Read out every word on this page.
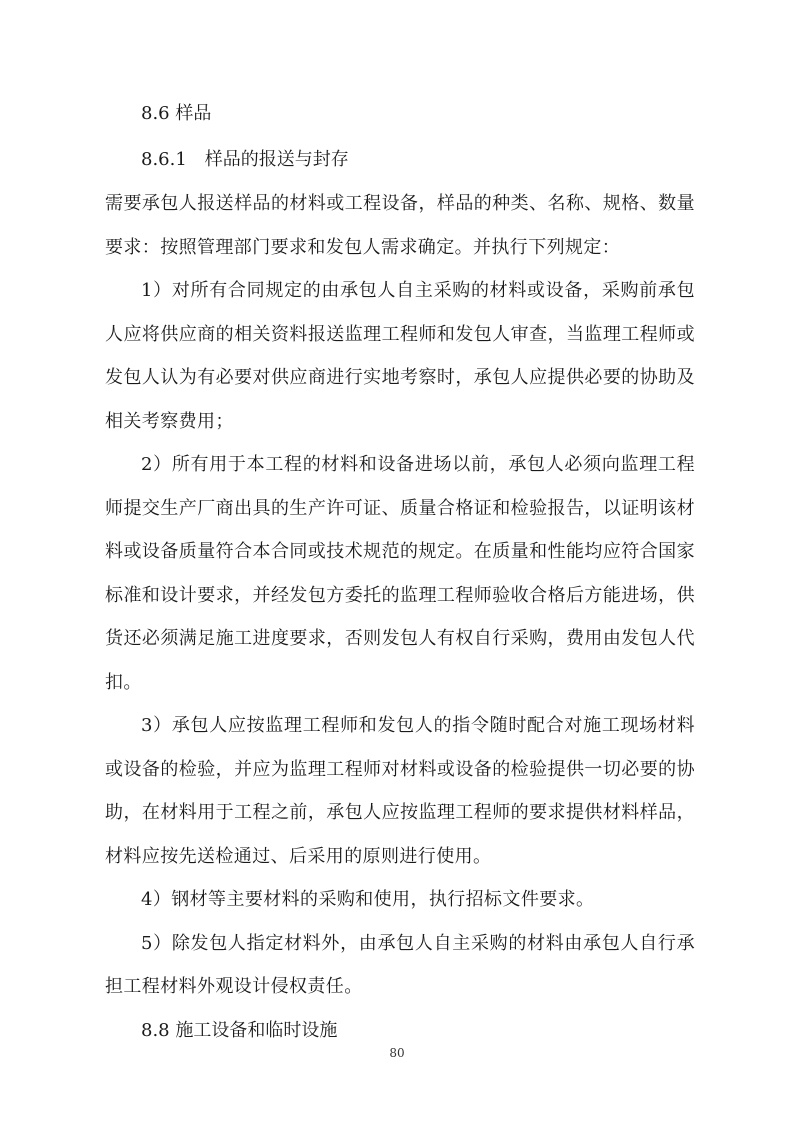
8.6 样品
8.6.1　样品的报送与封存

需要承包人报送样品的材料或工程设备，样品的种类、名称、规格、数量要求：按照管理部门要求和发包人需求确定。并执行下列规定：

1）对所有合同规定的由承包人自主采购的材料或设备，采购前承包人应将供应商的相关资料报送监理工程师和发包人审查，当监理工程师或发包人认为有必要对供应商进行实地考察时，承包人应提供必要的协助及相关考察费用；

2）所有用于本工程的材料和设备进场以前，承包人必须向监理工程师提交生产厂商出具的生产许可证、质量合格证和检验报告，以证明该材料或设备质量符合本合同或技术规范的规定。在质量和性能均应符合国家标准和设计要求，并经发包方委托的监理工程师验收合格后方能进场，供货还必须满足施工进度要求，否则发包人有权自行采购，费用由发包人代扣。

3）承包人应按监理工程师和发包人的指令随时配合对施工现场材料或设备的检验，并应为监理工程师对材料或设备的检验提供一切必要的协助，在材料用于工程之前，承包人应按监理工程师的要求提供材料样品，材料应按先送检通过、后采用的原则进行使用。

4）钢材等主要材料的采购和使用，执行招标文件要求。

5）除发包人指定材料外，由承包人自主采购的材料由承包人自行承担工程材料外观设计侵权责任。

8.8 施工设备和临时设施
80
